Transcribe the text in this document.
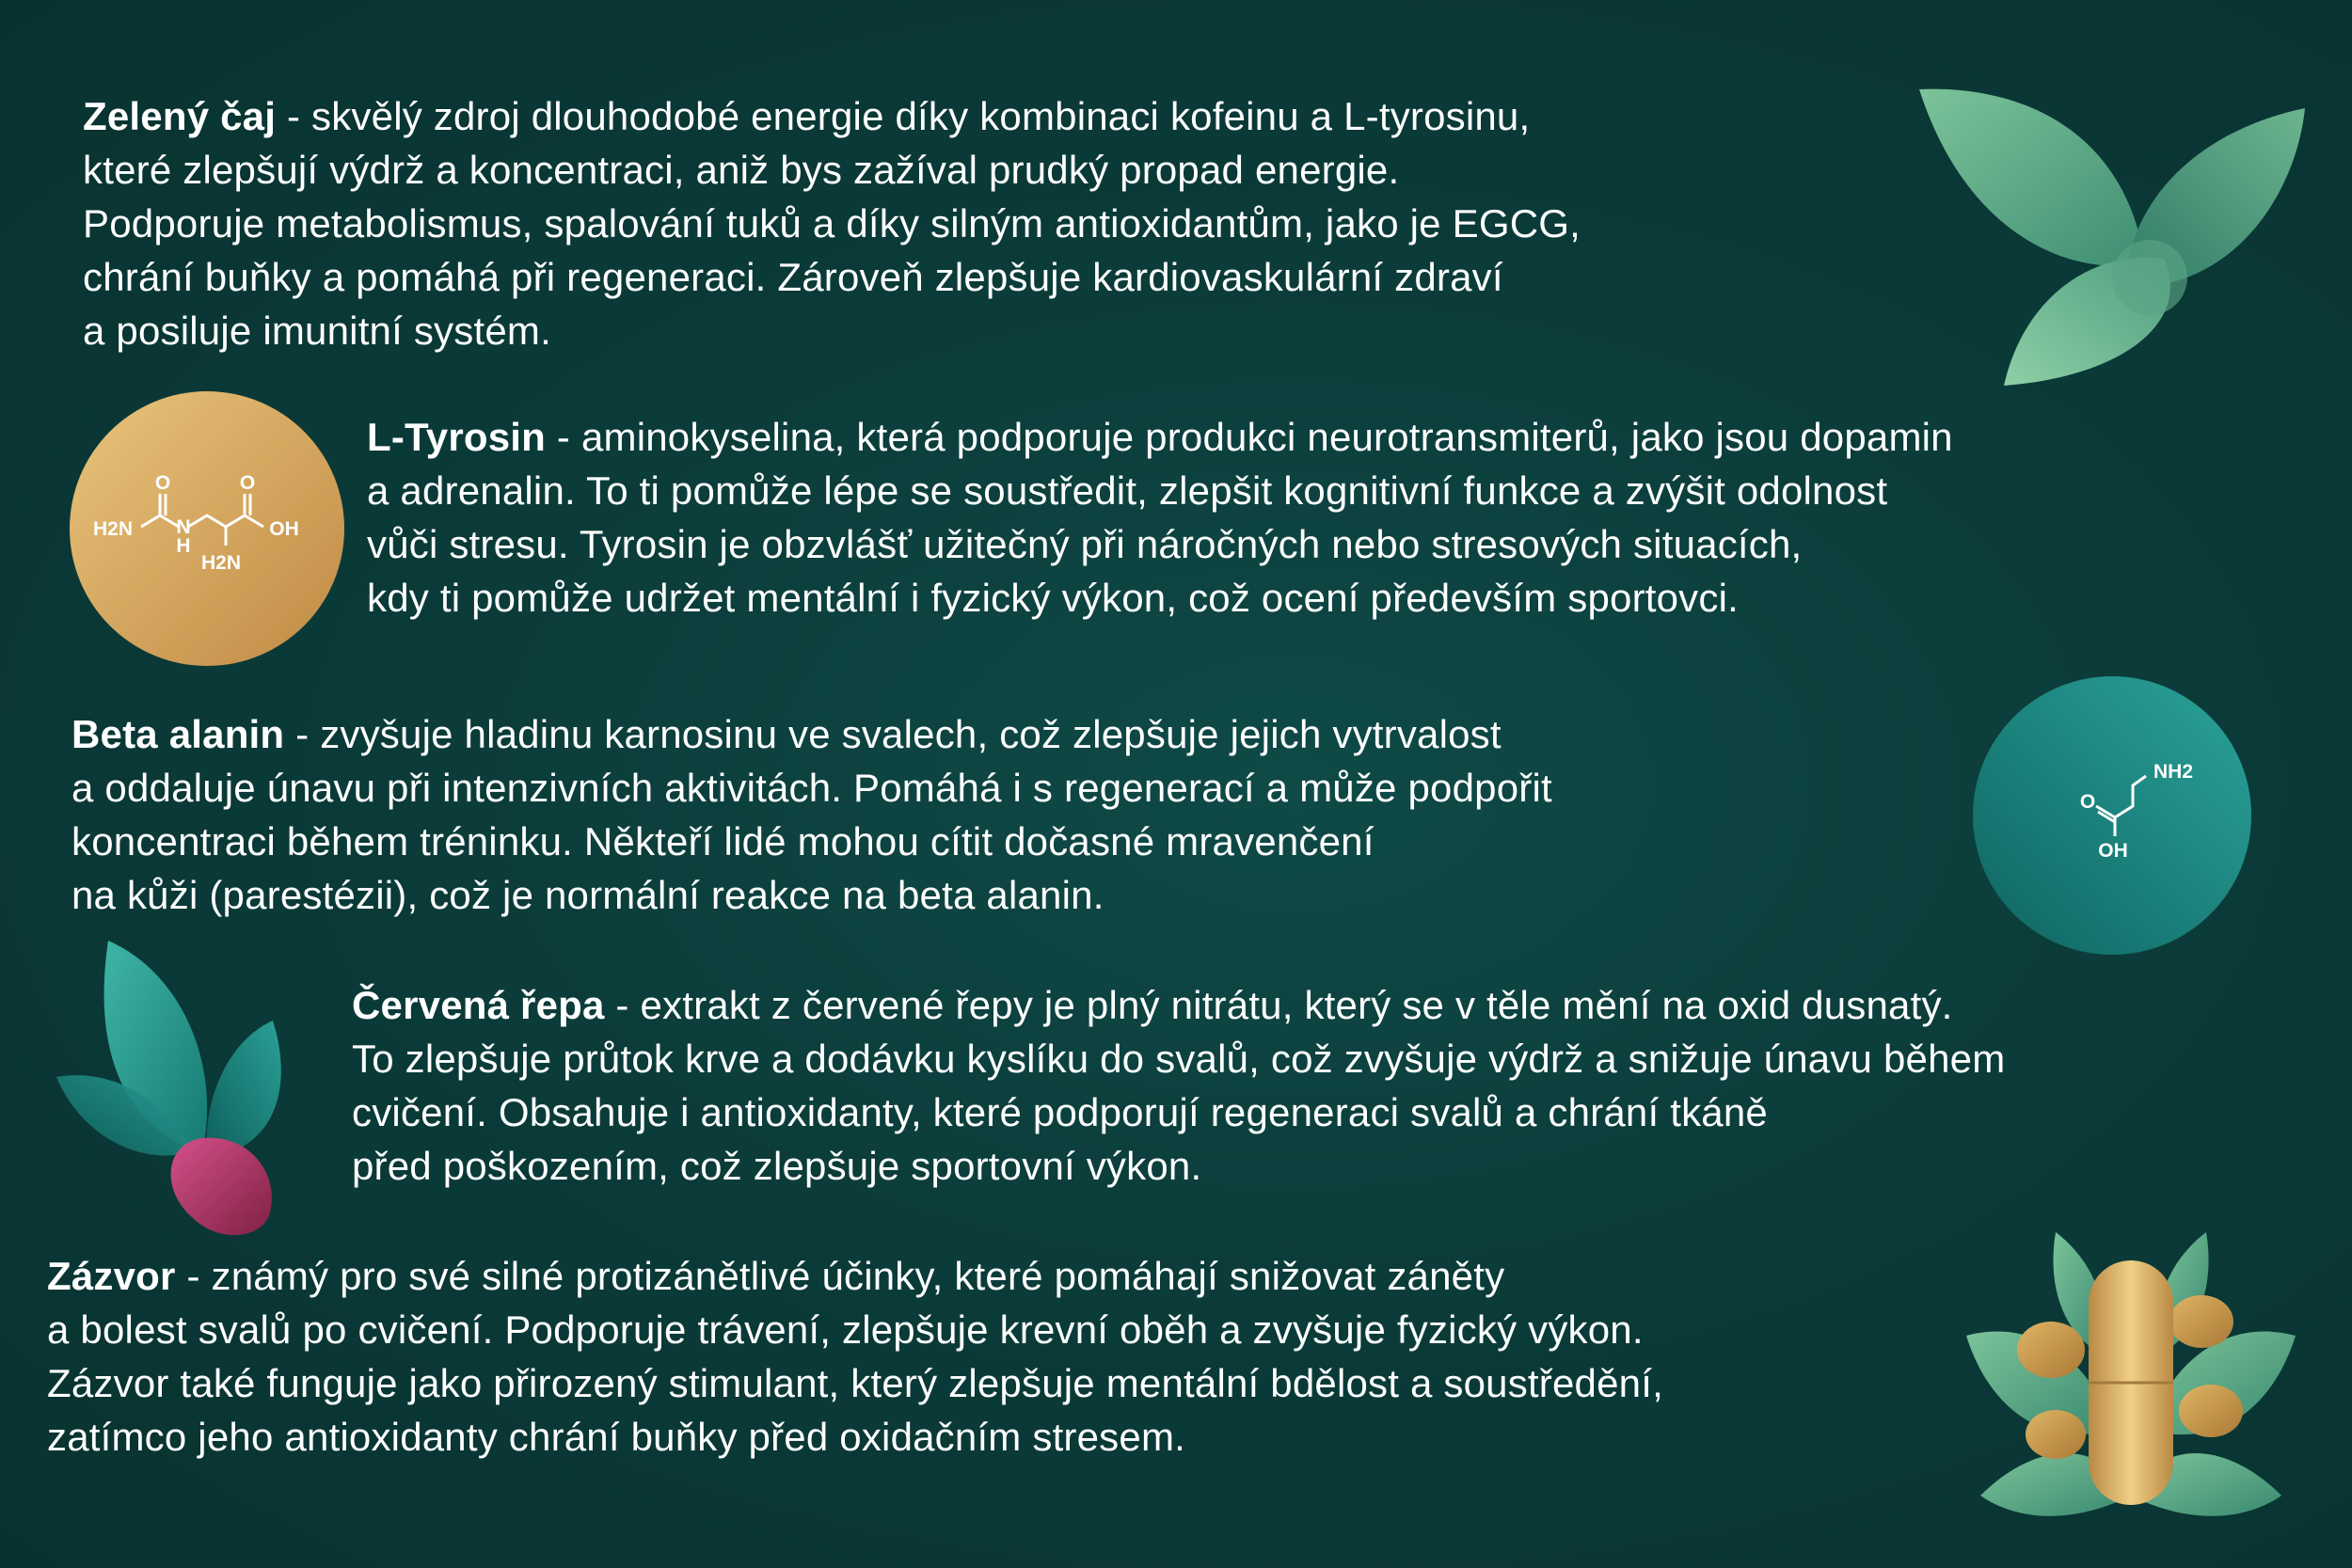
Zelený čaj - skvělý zdroj dlouhodobé energie díky kombinaci kofeinu a L-tyrosinu,
které zlepšují výdrž a koncentraci, aniž bys zažíval prudký propad energie.
Podporuje metabolismus, spalování tuků a díky silným antioxidantům, jako je EGCG,
chrání buňky a pomáhá při regeneraci. Zároveň zlepšuje kardiovaskulární zdraví
a posiluje imunitní systém.
L-Tyrosin - aminokyselina, která podporuje produkci neurotransmiterů, jako jsou dopamin
a adrenalin. To ti pomůže lépe se soustředit, zlepšit kognitivní funkce a zvýšit odolnost
vůči stresu. Tyrosin je obzvlášť užitečný při náročných nebo stresových situacích,
kdy ti pomůže udržet mentální i fyzický výkon, což ocení především sportovci.
Beta alanin - zvyšuje hladinu karnosinu ve svalech, což zlepšuje jejich vytrvalost
a oddaluje únavu při intenzivních aktivitách. Pomáhá i s regenerací a může podpořit
koncentraci během tréninku. Někteří lidé mohou cítit dočasné mravenčení
na kůži (parestézii), což je normální reakce na beta alanin.
Červená řepa - extrakt z červené řepy je plný nitrátu, který se v těle mění na oxid dusnatý.
To zlepšuje průtok krve a dodávku kyslíku do svalů, což zvyšuje výdrž a snižuje únavu během
cvičení. Obsahuje i antioxidanty, které podporují regeneraci svalů a chrání tkáně
před poškozením, což zlepšuje sportovní výkon.
Zázvor - známý pro své silné protizánětlivé účinky, které pomáhají snižovat záněty
a bolest svalů po cvičení. Podporuje trávení, zlepšuje krevní oběh a zvyšuje fyzický výkon.
Zázvor také funguje jako přirozený stimulant, který zlepšuje mentální bdělost a soustředění,
zatímco jeho antioxidanty chrání buňky před oxidačním stresem.
O	O
H2N N
H
OH
H2N
O
NH2
OH
